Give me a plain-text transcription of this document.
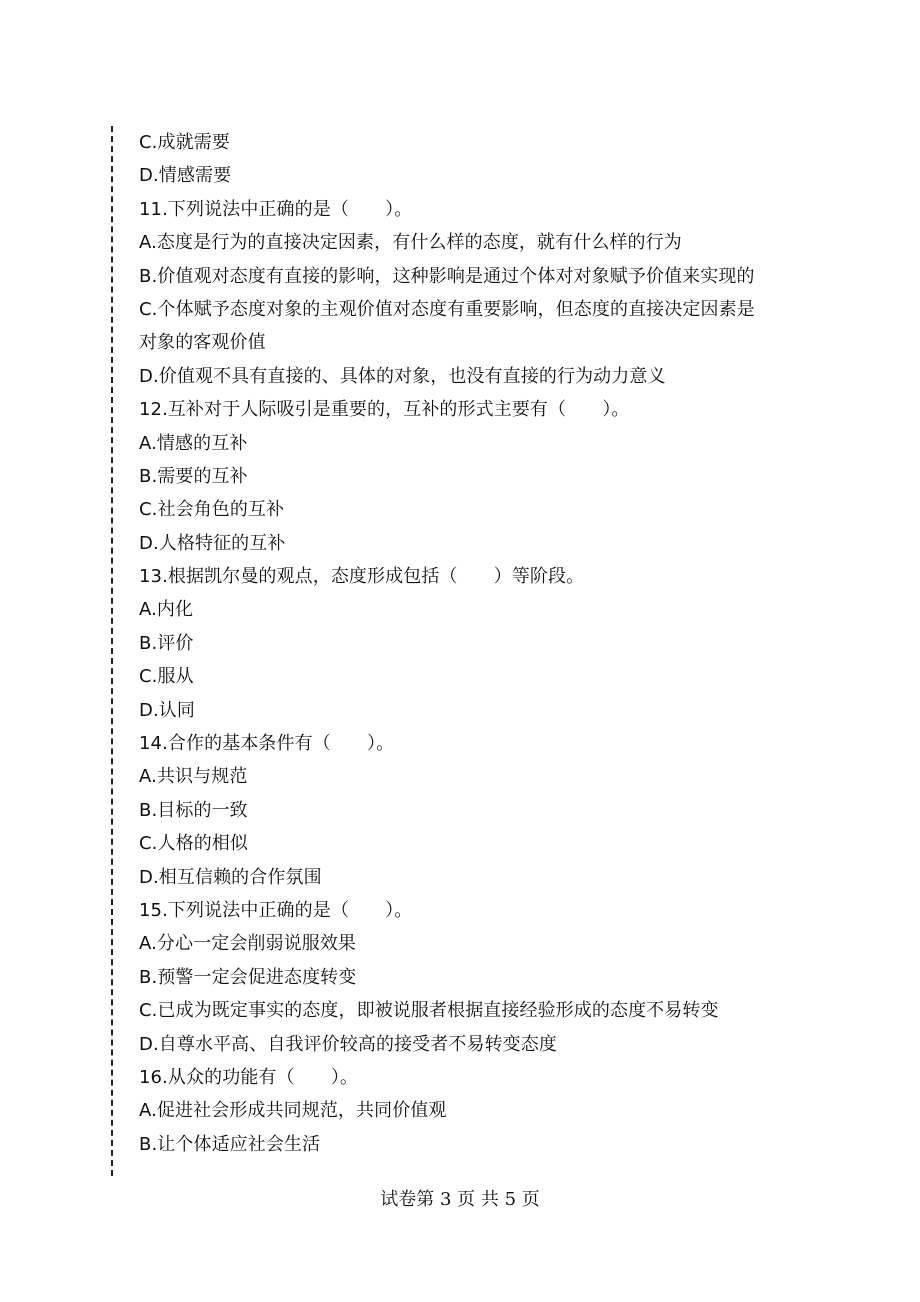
C.成就需要
D.情感需要
11.下列说法中正确的是（　　）。
A.态度是行为的直接决定因素，有什么样的态度，就有什么样的行为
B.价值观对态度有直接的影响，这种影响是通过个体对对象赋予价值来实现的
C.个体赋予态度对象的主观价值对态度有重要影响，但态度的直接决定因素是
对象的客观价值
D.价值观不具有直接的、具体的对象，也没有直接的行为动力意义
12.互补对于人际吸引是重要的，互补的形式主要有（　　）。
A.情感的互补
B.需要的互补
C.社会角色的互补
D.人格特征的互补
13.根据凯尔曼的观点，态度形成包括（　　）等阶段。
A.内化
B.评价
C.服从
D.认同
14.合作的基本条件有（　　）。
A.共识与规范
B.目标的一致
C.人格的相似
D.相互信赖的合作氛围
15.下列说法中正确的是（　　）。
A.分心一定会削弱说服效果
B.预警一定会促进态度转变
C.已成为既定事实的态度，即被说服者根据直接经验形成的态度不易转变
D.自尊水平高、自我评价较高的接受者不易转变态度
16.从众的功能有（　　）。
A.促进社会形成共同规范，共同价值观
B.让个体适应社会生活
试卷第 3 页 共 5 页
